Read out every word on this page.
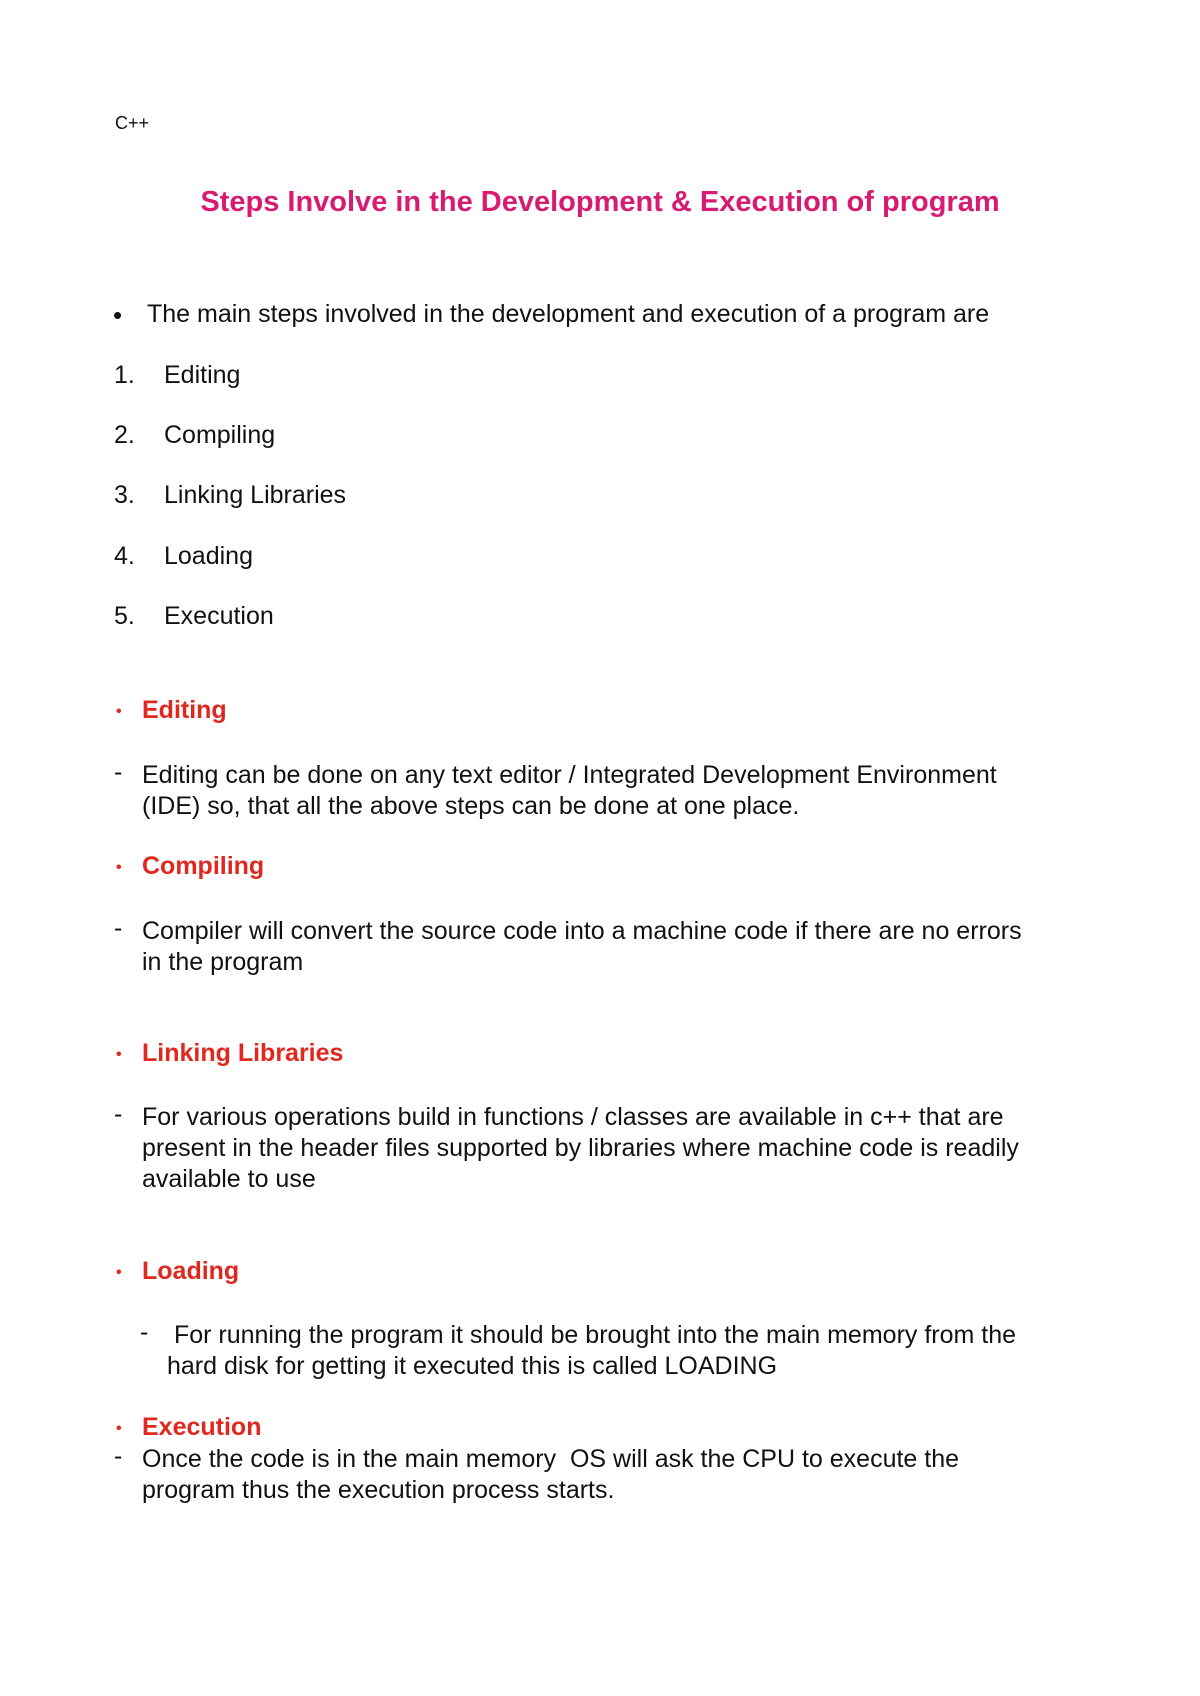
C++
Steps Involve in the Development & Execution of program
• The main steps involved in the development and execution of a program are
1. Editing
2. Compiling
3. Linking Libraries
4. Loading
5. Execution
• Editing
- Editing can be done on any text editor / Integrated Development Environment
(IDE) so, that all the above steps can be done at one place.
• Compiling
- Compiler will convert the source code into a machine code if there are no errors
in the program
• Linking Libraries
- For various operations build in functions / classes are available in c++ that are
present in the header files supported by libraries where machine code is readily
available to use
• Loading
- For running the program it should be brought into the main memory from the
hard disk for getting it executed this is called LOADING
• Execution
- Once the code is in the main memory  OS will ask the CPU to execute the
program thus the execution process starts.
